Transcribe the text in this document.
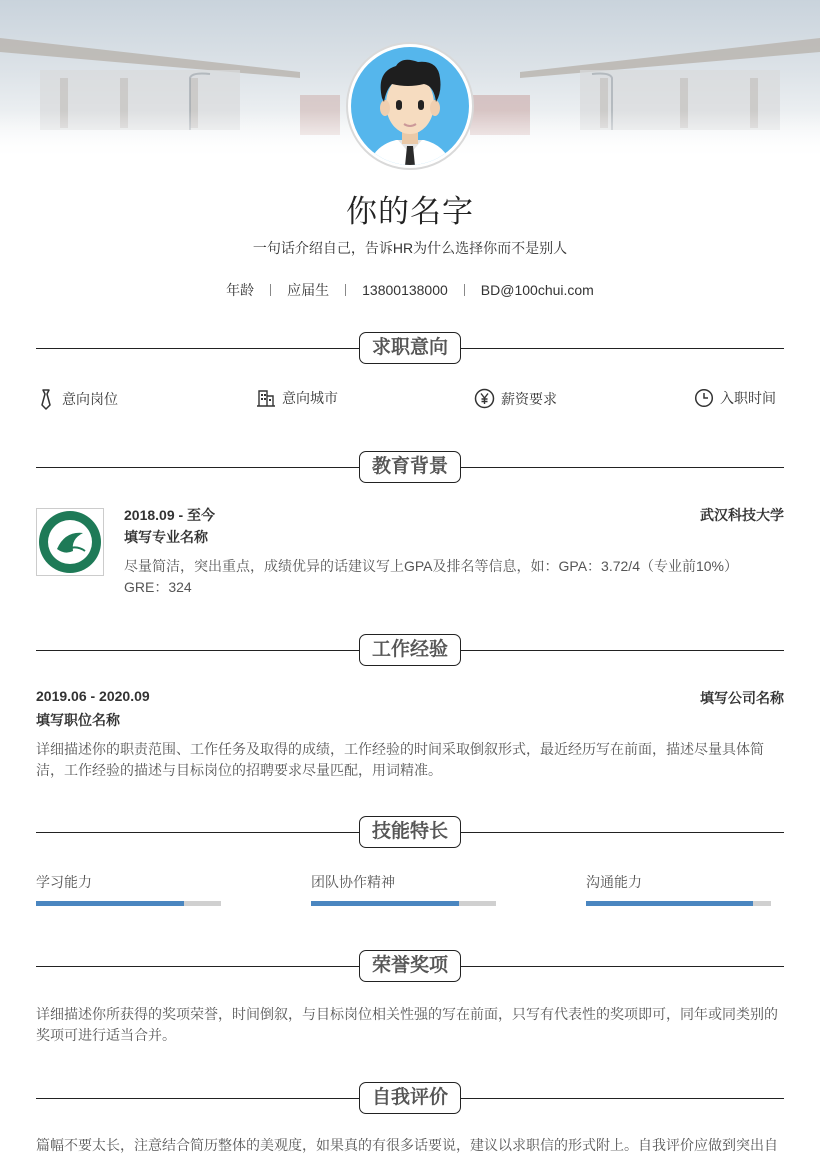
你的名字
一句话介绍自己，告诉HR为什么选择你而不是别人
年龄 应届生 13800138000 BD@100chui.com
求职意向
意向岗位	意向城市	薪资要求	入职时间
教育背景
2018.09 - 至今
填写专业名称
武汉科技大学
尽量简洁，突出重点，成绩优异的话建议写上GPA及排名等信息，如：GPA：3.72/4（专业前10%） GRE：324
工作经验
2019.06 - 2020.09
填写职位名称
填写公司名称
详细描述你的职责范围、工作任务及取得的成绩，工作经验的时间采取倒叙形式，最近经历写在前面，描述尽量具体简洁，工作经验的描述与目标岗位的招聘要求尽量匹配，用词精准。
技能特长
学习能力	团队协作精神	沟通能力
荣誉奖项
详细描述你所获得的奖项荣誉，时间倒叙，与目标岗位相关性强的写在前面，只写有代表性的奖项即可，同年或同类别的奖项可进行适当合并。
自我评价
篇幅不要太长，注意结合简历整体的美观度，如果真的有很多话要说，建议以求职信的形式附上。自我评价应做到突出自
